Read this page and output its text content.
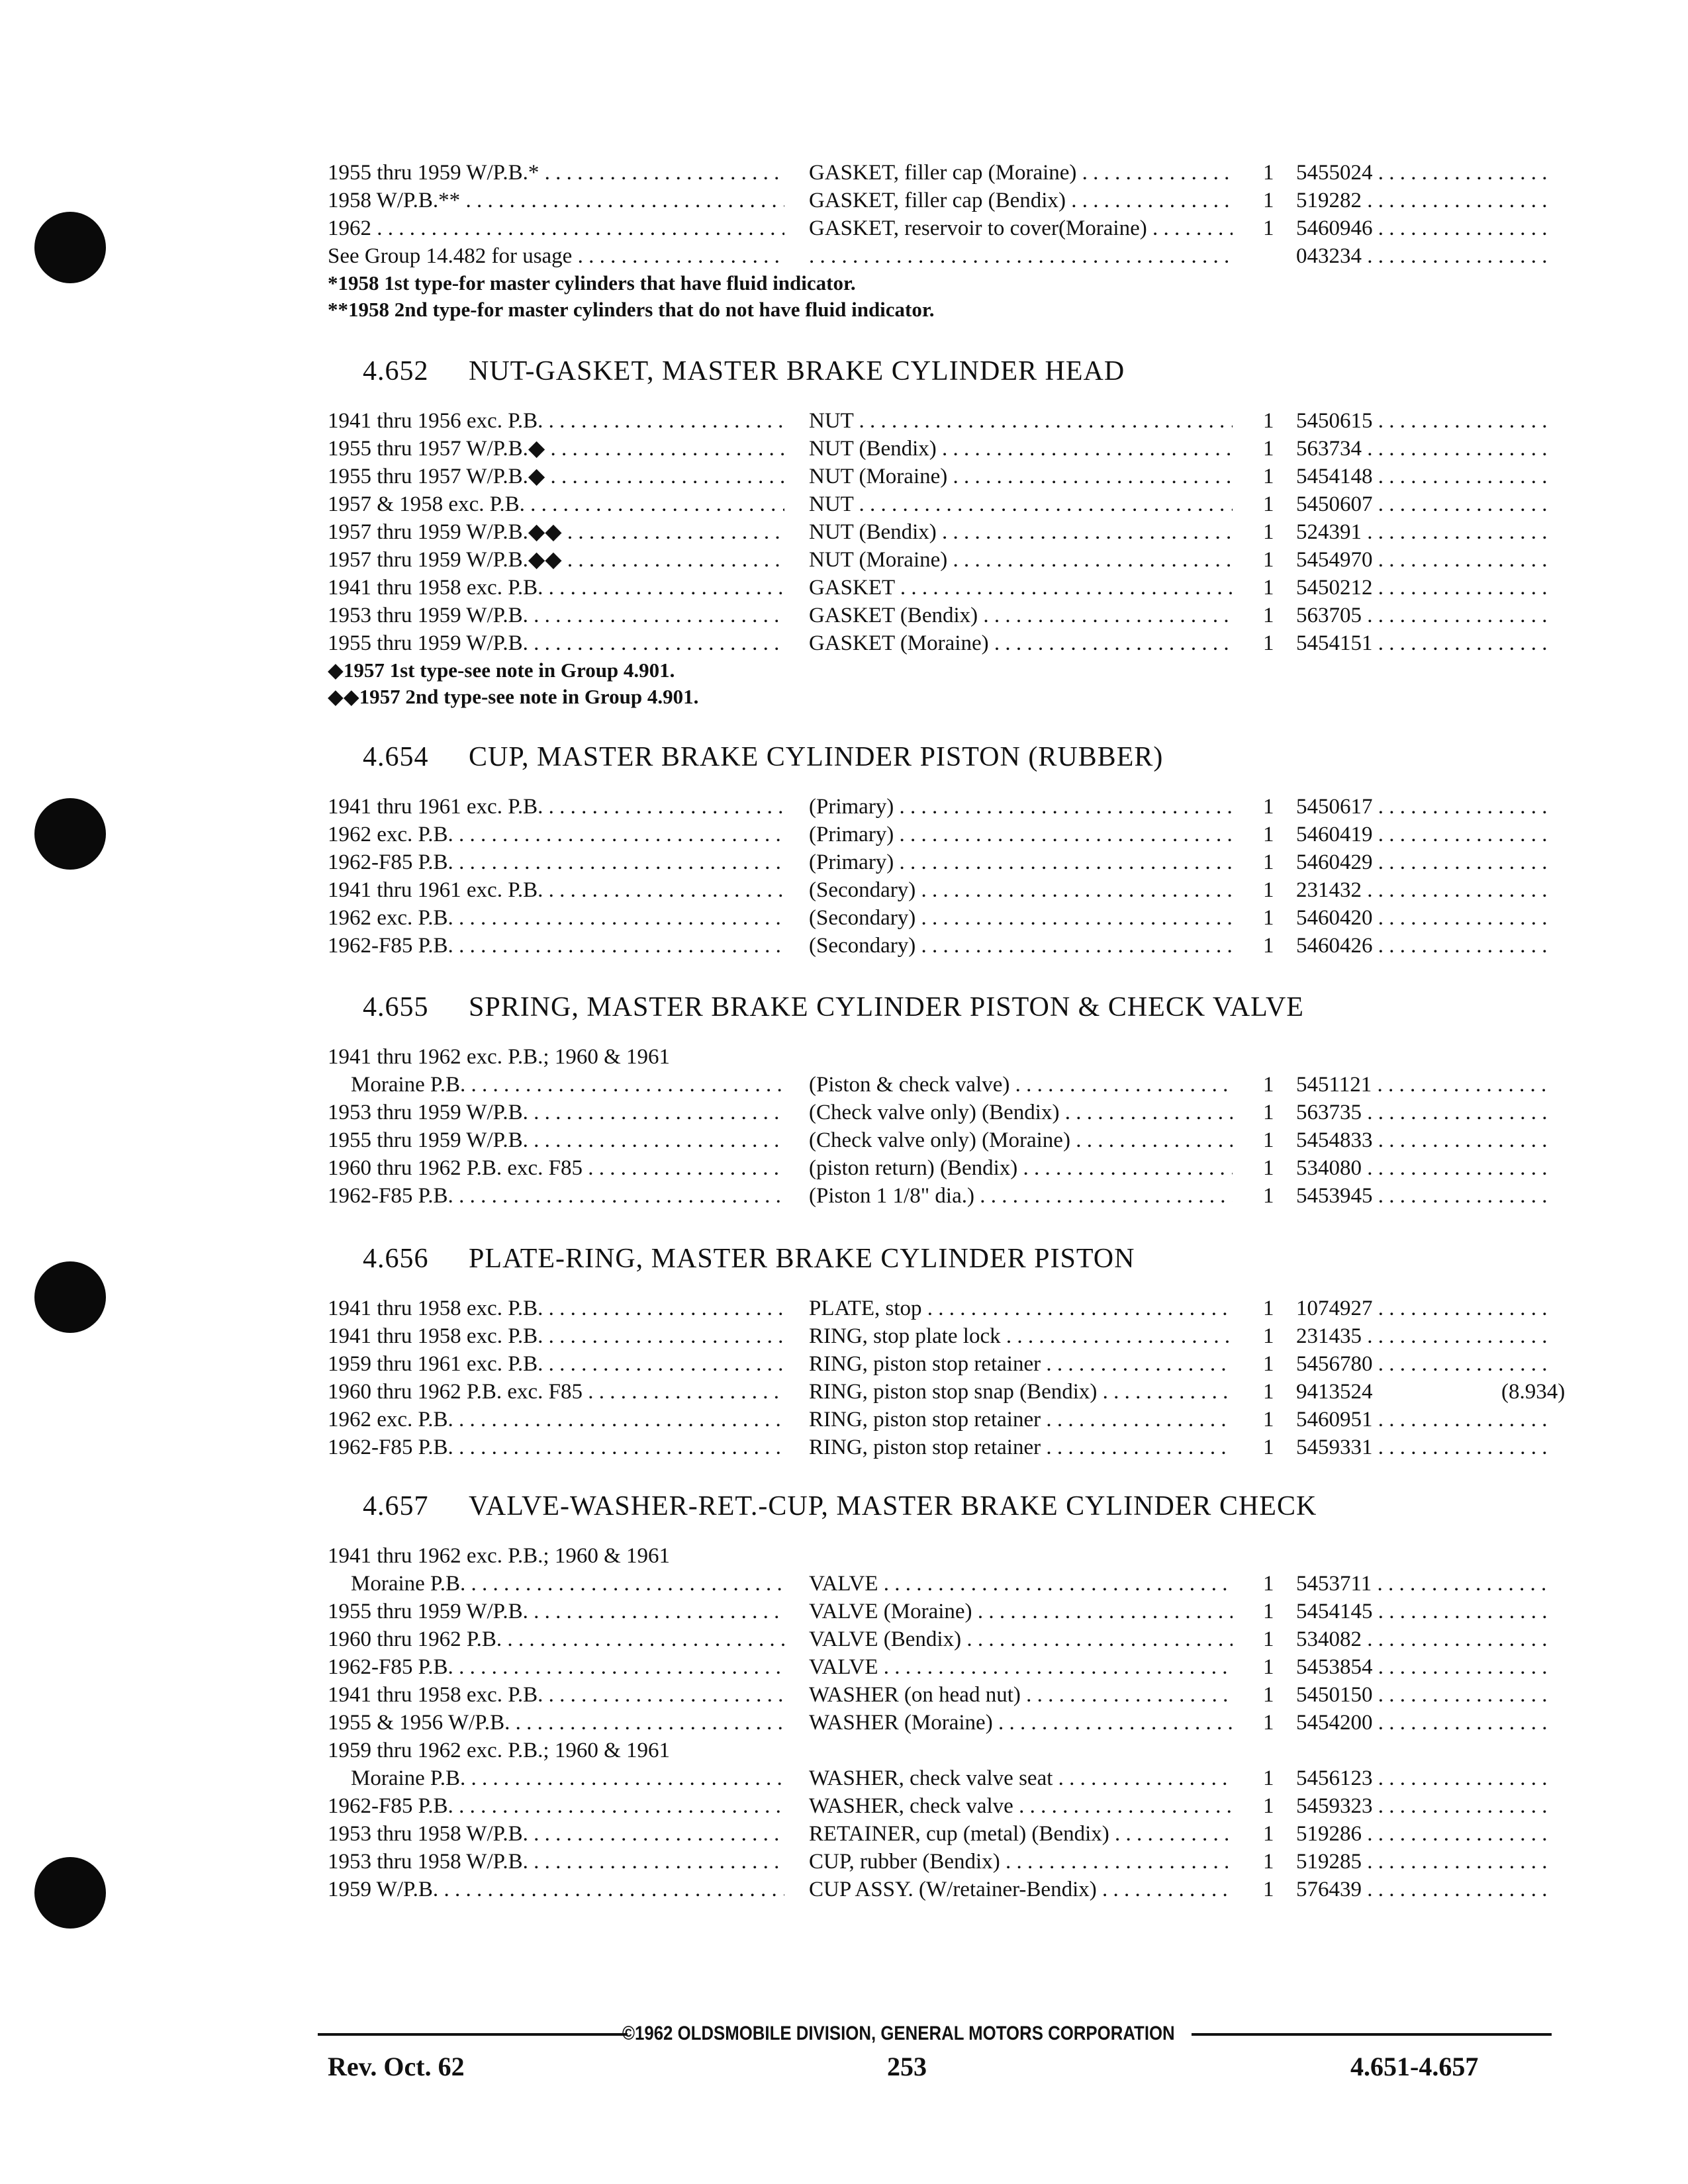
1955 thru 1959 W/P.B.* . . .	GASKET, filler cap (Moraine) . . .	1 5455024 . . .
1958 W/P.B.** . . .	GASKET, filler cap (Bendix) . . .	1 519282 . . .
1962 . . .	GASKET, reservoir to cover(Moraine) . . .	1 5460946 . . .
See Group 14.482 for usage . . .
. . .	043234 . . .
*1958 1st type-for master cylinders that have fluid indicator.
**1958 2nd type-for master cylinders that do not have fluid indicator.
4.652 NUT-GASKET, MASTER BRAKE CYLINDER HEAD
1941 thru 1956 exc. P.B. . . .	NUT . . .	1 5450615 . . .
1955 thru 1957 W/P.B.◆ . . .	NUT (Bendix) . . .	1 563734 . . .
1955 thru 1957 W/P.B.◆ . . .	NUT (Moraine) . . .	1 5454148 . . .
1957 & 1958 exc. P.B. . . .	NUT . . .	1 5450607 . . .
1957 thru 1959 W/P.B.◆◆ . . .	NUT (Bendix) . . .	1 524391 . . .
1957 thru 1959 W/P.B.◆◆ . . .	NUT (Moraine) . . .	1 5454970 . . .
1941 thru 1958 exc. P.B. . . .	GASKET . . .	1 5450212 . . .
1953 thru 1959 W/P.B. . . .	GASKET (Bendix) . . .	1 563705 . . .
1955 thru 1959 W/P.B. . . .	GASKET (Moraine) . . .	1 5454151 . . .
◆1957 1st type-see note in Group 4.901.
◆◆1957 2nd type-see note in Group 4.901.
4.654 CUP, MASTER BRAKE CYLINDER PISTON (RUBBER)
1941 thru 1961 exc. P.B. . . .	(Primary) . . .	1 5450617 . . .
1962 exc. P.B. . . .	(Primary) . . .	1 5460419 . . .
1962-F85 P.B. . . .	(Primary) . . .	1 5460429 . . .
1941 thru 1961 exc. P.B. . . .	(Secondary) . . .	1 231432 . . .
1962 exc. P.B. . . .	(Secondary) . . .	1 5460420 . . .
1962-F85 P.B. . . .	(Secondary) . . .	1 5460426 . . .
4.655 SPRING, MASTER BRAKE CYLINDER PISTON & CHECK VALVE
1941 thru 1962 exc. P.B.; 1960 & 1961
Moraine P.B. . . .	(Piston & check valve) . . .	1 5451121 . . .
1953 thru 1959 W/P.B. . . .	(Check valve only) (Bendix) . . .	1 563735 . . .
1955 thru 1959 W/P.B. . . .	(Check valve only) (Moraine) . . .	1 5454833 . . .
1960 thru 1962 P.B. exc. F85 . . .	(piston return) (Bendix) . . .	1 534080 . . .
1962-F85 P.B. . . .	(Piston 1 1/8" dia.) . . .	1 5453945 . . .
4.656 PLATE-RING, MASTER BRAKE CYLINDER PISTON
1941 thru 1958 exc. P.B. . . .	PLATE, stop . . .	1 1074927 . . .
1941 thru 1958 exc. P.B. . . .	RING, stop plate lock . . .	1 231435 . . .
1959 thru 1961 exc. P.B. . . .	RING, piston stop retainer . . .	1 5456780 . . .
1960 thru 1962 P.B. exc. F85 . . .	RING, piston stop snap (Bendix) . . .	1 9413524	(8.934)
1962 exc. P.B. . . .	RING, piston stop retainer . . .	1 5460951 . . .
1962-F85 P.B. . . .	RING, piston stop retainer . . .	1 5459331 . . .
4.657 VALVE-WASHER-RET.-CUP, MASTER BRAKE CYLINDER CHECK
1941 thru 1962 exc. P.B.; 1960 & 1961
Moraine P.B. . . .	VALVE . . .	1 5453711 . . .
1955 thru 1959 W/P.B. . . .	VALVE (Moraine) . . .	1 5454145 . . .
1960 thru 1962 P.B. . . .	VALVE (Bendix) . . .	1 534082 . . .
1962-F85 P.B. . . .	VALVE . . .	1 5453854 . . .
1941 thru 1958 exc. P.B. . . .	WASHER (on head nut) . . .	1 5450150 . . .
1955 & 1956 W/P.B. . . .	WASHER (Moraine) . . .	1 5454200 . . .
1959 thru 1962 exc. P.B.; 1960 & 1961
Moraine P.B. . . .	WASHER, check valve seat . . .	1 5456123 . . .
1962-F85 P.B. . . .	WASHER, check valve . . .	1 5459323 . . .
1953 thru 1958 W/P.B. . . .	RETAINER, cup (metal) (Bendix) . . .	1 519286 . . .
1953 thru 1958 W/P.B. . . .	CUP, rubber (Bendix) . . .	1 519285 . . .
1959 W/P.B. . . .	CUP ASSY. (W/retainer-Bendix) . . .	1 576439 . . .
©1962 OLDSMOBILE DIVISION, GENERAL MOTORS CORPORATION
Rev. Oct. 62	253	4.651-4.657
